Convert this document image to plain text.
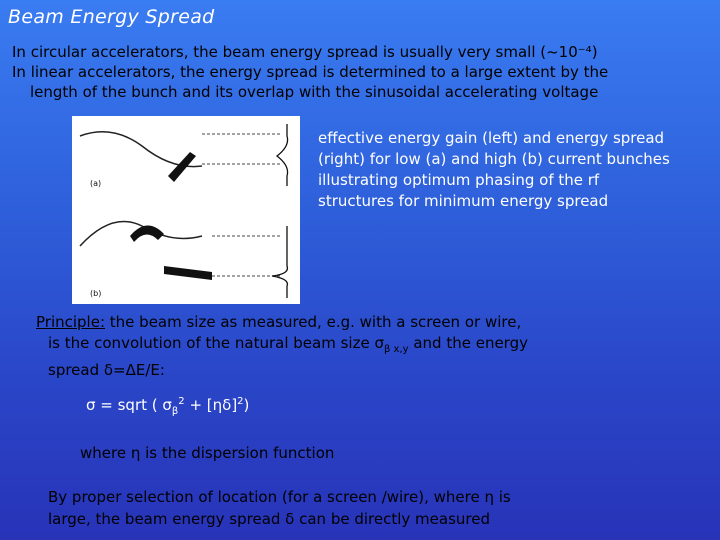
Beam Energy Spread
In circular accelerators, the beam energy spread is usually very small (~10⁻⁴)
In linear accelerators, the energy spread is determined to a large extent by the
length of the bunch and its overlap with the sinusoidal accelerating voltage
(a)
(b)
effective energy gain (left) and energy spread (right) for low (a) and high (b) current bunches illustrating optimum phasing of the rf structures for minimum energy spread
Principle: the beam size as measured, e.g. with a screen or wire,
is the convolution of the natural beam size $\sigma_\beta$ $_{x,y}$ and the energy
spread δ=ΔE/E:
σ = sqrt ( $\sigma_\beta^2 + [\eta\delta]^2$)
where η is the dispersion function
By proper selection of location (for a screen /wire), where η is
large, the beam energy spread δ can be directly measured
